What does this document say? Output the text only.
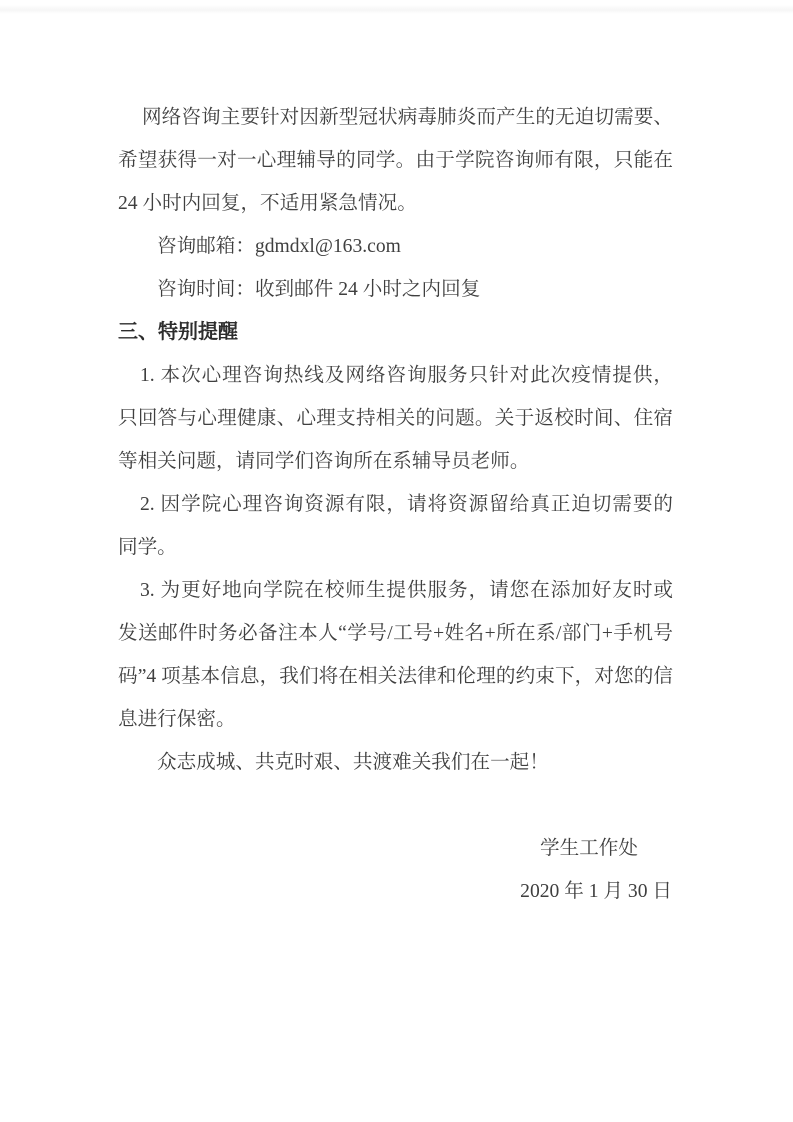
网络咨询主要针对因新型冠状病毒肺炎而产生的无迫切需要、
希望获得一对一心理辅导的同学。由于学院咨询师有限，只能在
24 小时内回复，不适用紧急情况。
咨询邮箱：gdmdxl@163.com
咨询时间：收到邮件 24 小时之内回复
三、特别提醒
1. 本次心理咨询热线及网络咨询服务只针对此次疫情提供，
只回答与心理健康、心理支持相关的问题。关于返校时间、住宿
等相关问题，请同学们咨询所在系辅导员老师。
2. 因学院心理咨询资源有限，请将资源留给真正迫切需要的
同学。
3. 为更好地向学院在校师生提供服务，请您在添加好友时或
发送邮件时务必备注本人“学号/工号+姓名+所在系/部门+手机号
码”4 项基本信息，我们将在相关法律和伦理的约束下，对您的信
息进行保密。
众志成城、共克时艰、共渡难关我们在一起！
学生工作处
2020 年 1 月 30 日
